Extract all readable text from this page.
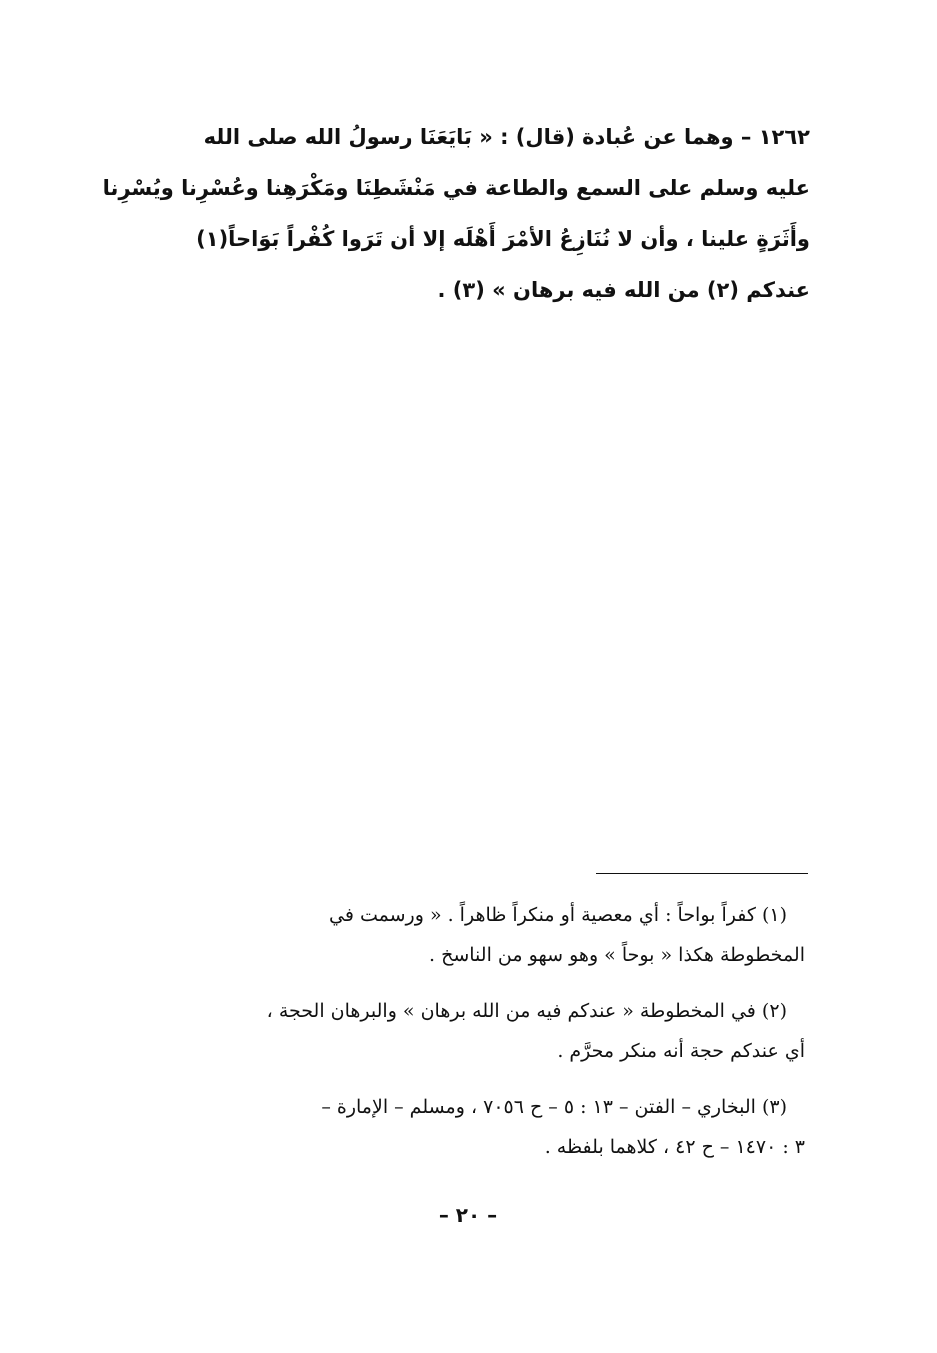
١٢٦٢ – وهما عن عُبادة (قال) : « بَايَعَنَا رسولُ الله صلى الله
عليه وسلم على السمع والطاعة في مَنْشَطِنَا ومَكْرَهِنا وعُسْرِنا ويُسْرِنا
وأَثَرَةٍ علينا ، وأن لا نُنَازِعُ الأمْرَ أَهْلَه إلا أن تَرَوا كُفْراً بَوَاحاً(١)
عندكم (٢) من الله فيه برهان » (٣) .
(١) كفراً بواحاً : أي معصية أو منكراً ظاهراً . « ورسمت في
المخطوطة هكذا « بوحاً » وهو سهو من الناسخ .
(٢) في المخطوطة « عندكم فيه من الله برهان » والبرهان الحجة ،
أي عندكم حجة أنه منكر محرَّم .
(٣) البخاري – الفتن – ١٣ : ٥ – ح ٧٠٥٦ ، ومسلم – الإمارة –
٣ : ١٤٧٠ – ح ٤٢ ، كلاهما بلفظه .
– ٢٠ –
